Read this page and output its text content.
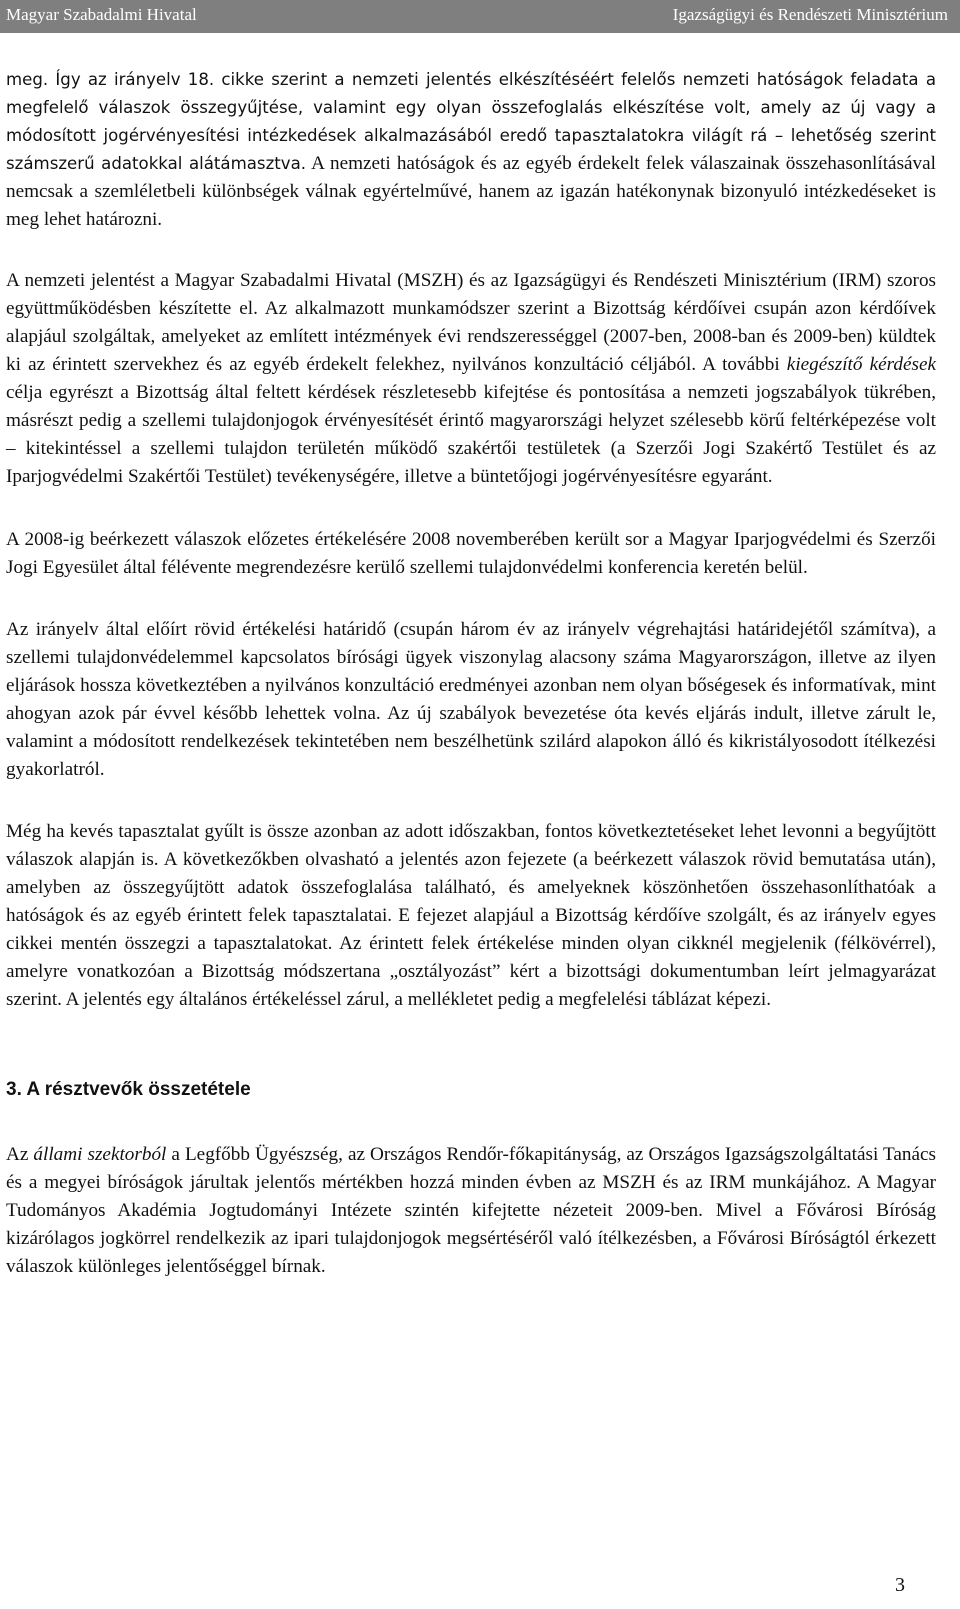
Magyar Szabadalmi Hivatal	Igazságügyi és Rendészeti Minisztérium

meg. Így az irányelv 18. cikke szerint a nemzeti jelentés elkészítéséért felelős nemzeti hatóságok feladata a megfelelő válaszok összegyűjtése, valamint egy olyan összefoglalás elkészítése volt, amely az új vagy a módosított jogérvényesítési intézkedések alkalmazásából eredő tapasztalatokra világít rá – lehetőség szerint számszerű adatokkal alátámasztva. A nemzeti hatóságok és az egyéb érdekelt felek válaszainak összehasonlításával nemcsak a szemléletbeli különbségek válnak egyértelművé, hanem az igazán hatékonynak bizonyuló intézkedéseket is meg lehet határozni.

A nemzeti jelentést a Magyar Szabadalmi Hivatal (MSZH) és az Igazságügyi és Rendészeti Minisztérium (IRM) szoros együttműködésben készítette el. Az alkalmazott munkamódszer szerint a Bizottság kérdőívei csupán azon kérdőívek alapjául szolgáltak, amelyeket az említett intézmények évi rendszerességgel (2007-ben, 2008-ban és 2009-ben) küldtek ki az érintett szervekhez és az egyéb érdekelt felekhez, nyilvános konzultáció céljából. A további kiegészítő kérdések célja egyrészt a Bizottság által feltett kérdések részletesebb kifejtése és pontosítása a nemzeti jogszabályok tükrében, másrészt pedig a szellemi tulajdonjogok érvényesítését érintő magyarországi helyzet szélesebb körű feltérképezése volt – kitekintéssel a szellemi tulajdon területén működő szakértői testületek (a Szerzői Jogi Szakértő Testület és az Iparjogvédelmi Szakértői Testület) tevékenységére, illetve a büntetőjogi jogérvényesítésre egyaránt.

A 2008-ig beérkezett válaszok előzetes értékelésére 2008 novemberében került sor a Magyar Iparjogvédelmi és Szerzői Jogi Egyesület által félévente megrendezésre kerülő szellemi tulajdonvédelmi konferencia keretén belül.

Az irányelv által előírt rövid értékelési határidő (csupán három év az irányelv végrehajtási határidejétől számítva), a szellemi tulajdonvédelemmel kapcsolatos bírósági ügyek viszonylag alacsony száma Magyarországon, illetve az ilyen eljárások hossza következtében a nyilvános konzultáció eredményei azonban nem olyan bőségesek és informatívak, mint ahogyan azok pár évvel később lehettek volna. Az új szabályok bevezetése óta kevés eljárás indult, illetve zárult le, valamint a módosított rendelkezések tekintetében nem beszélhetünk szilárd alapokon álló és kikristályosodott ítélkezési gyakorlatról.

Még ha kevés tapasztalat gyűlt is össze azonban az adott időszakban, fontos következtetéseket lehet levonni a begyűjtött válaszok alapján is. A következőkben olvasható a jelentés azon fejezete (a beérkezett válaszok rövid bemutatása után), amelyben az összegyűjtött adatok összefoglalása található, és amelyeknek köszönhetően összehasonlíthatóak a hatóságok és az egyéb érintett felek tapasztalatai. E fejezet alapjául a Bizottság kérdőíve szolgált, és az irányelv egyes cikkei mentén összegzi a tapasztalatokat. Az érintett felek értékelése minden olyan cikknél megjelenik (félkövérrel), amelyre vonatkozóan a Bizottság módszertana „osztályozást” kért a bizottsági dokumentumban leírt jelmagyarázat szerint. A jelentés egy általános értékeléssel zárul, a mellékletet pedig a megfelelési táblázat képezi.

3. A résztvevők összetétele

Az állami szektorból a Legfőbb Ügyészség, az Országos Rendőr-főkapitányság, az Országos Igazságszolgáltatási Tanács és a megyei bíróságok járultak jelentős mértékben hozzá minden évben az MSZH és az IRM munkájához. A Magyar Tudományos Akadémia Jogtudományi Intézete szintén kifejtette nézeteit 2009-ben. Mivel a Fővárosi Bíróság kizárólagos jogkörrel rendelkezik az ipari tulajdonjogok megsértéséről való ítélkezésben, a Fővárosi Bíróságtól érkezett válaszok különleges jelentőséggel bírnak.

3
